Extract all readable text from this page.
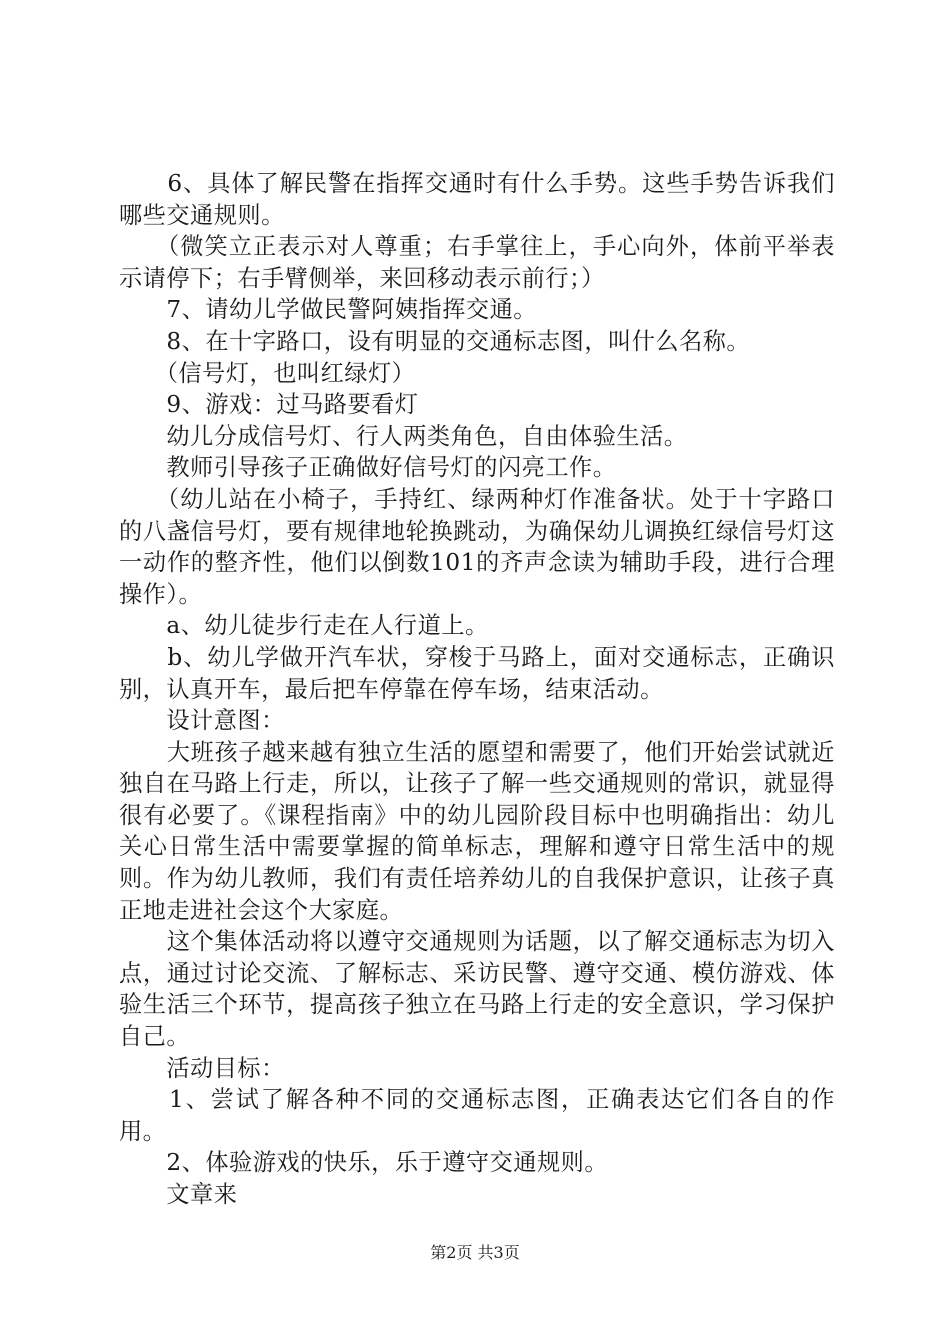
　　6、具体了解民警在指挥交通时有什么手势。这些手势告诉我们哪些交通规则。

　　（微笑立正表示对人尊重；右手掌往上，手心向外，体前平举表示请停下；右手臂侧举，来回移动表示前行；）

　　7、请幼儿学做民警阿姨指挥交通。

　　8、在十字路口，设有明显的交通标志图，叫什么名称。

　　（信号灯，也叫红绿灯）

　　9、游戏：过马路要看灯

　　幼儿分成信号灯、行人两类角色，自由体验生活。

　　教师引导孩子正确做好信号灯的闪亮工作。

　　（幼儿站在小椅子，手持红、绿两种灯作准备状。处于十字路口的八盏信号灯，要有规律地轮换跳动，为确保幼儿调换红绿信号灯这一动作的整齐性，他们以倒数101的齐声念读为辅助手段，进行合理操作）。

　　a、幼儿徒步行走在人行道上。

　　b、幼儿学做开汽车状，穿梭于马路上，面对交通标志，正确识别，认真开车，最后把车停靠在停车场，结束活动。

　　设计意图：

　　大班孩子越来越有独立生活的愿望和需要了，他们开始尝试就近独自在马路上行走，所以，让孩子了解一些交通规则的常识，就显得很有必要了。《课程指南》中的幼儿园阶段目标中也明确指出：幼儿关心日常生活中需要掌握的简单标志，理解和遵守日常生活中的规则。作为幼儿教师，我们有责任培养幼儿的自我保护意识，让孩子真正地走进社会这个大家庭。

　　这个集体活动将以遵守交通规则为话题，以了解交通标志为切入点，通过讨论交流、了解标志、采访民警、遵守交通、模仿游戏、体验生活三个环节，提高孩子独立在马路上行走的安全意识，学习保护自己。

　　活动目标：

　　1、尝试了解各种不同的交通标志图，正确表达它们各自的作用。

　　2、体验游戏的快乐，乐于遵守交通规则。

　　文章来

第2页 共3页
